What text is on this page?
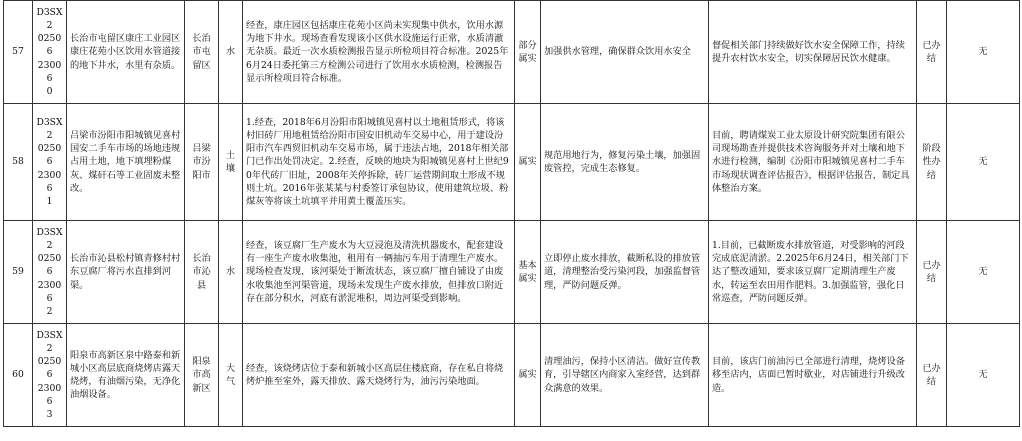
57	D3SX2
02506
23006
0	长治市屯留区康庄工业园区康庄花苑小区饮用水管道接的地下井水，水里有杂质。	长治市屯留区	水	经查，康庄园区包括康庄花苑小区尚未实现集中供水，饮用水源为地下井水。现场查看发现该小区供水设施运行正常，水质清澈无杂质。最近一次水质检测报告显示所检项目符合标准。2025年6月24日委托第三方检测公司进行了饮用水水质检测，检测报告显示所检项目符合标准。	部分属实	加强供水管理，确保群众饮用水安全	督促相关部门持续做好饮水安全保障工作，持续提升农村饮水安全，切实保障居民饮水健康。	已办结	无
58	D3SX2
02506
23006
1	吕梁市汾阳市阳城镇见喜村国安二手车市场的场地违规占用土地，地下填埋粉煤灰、煤矸石等工业固废未整改。	吕梁市汾阳市	土壤	1.经查，2018年6月汾阳市阳城镇见喜村以土地租赁形式，将该村旧砖厂用地租赁给汾阳市国安旧机动车交易中心，用于建设汾阳市汽车西贸旧机动车交易市场，属于违法占地，2018年相关部门已作出处罚决定。2.经查，反映的地块为阳城镇见喜村上世纪90年代砖厂旧址，2008年关停拆除，砖厂运营期间取土形成不规则土坑。2016年张某某与村委签订承包协议，使用建筑垃圾、粉煤灰等将该土坑填平并用黄土覆盖压实。	属实	规范用地行为，修复污染土壤，加强固废管控，完成生态修复。	目前，聘请煤炭工业太原设计研究院集团有限公司现场勘查并提供技术咨询服务并对土壤和地下水进行检测，编制《汾阳市阳城镇见喜村二手车市场现状调查评估报告》，根据评估报告，制定具体整治方案。	阶段性办结	无
59	D3SX2
02506
23006
2	长治市沁县松村镇青修村村东豆腐厂将污水直排到河渠。	长治市沁县	水	经查，该豆腐厂生产废水为大豆浸泡及清洗机器废水，配套建设有一座生产废水收集池，租用有一辆抽污车用于清理生产废水。现场检查发现，该河渠处于断流状态，该豆腐厂擅自铺设了由废水收集池至河渠管道，现场未发现生产废水排放，但排放口附近存在部分积水，河底有淤泥堆积，周边河渠受到影响。	基本属实	立即停止废水排放，截断私设的排放管道，清理整治受污染河段，加强监督管理，严防问题反弹。	1.目前，已截断废水排放管道，对受影响的河段完成底泥清淤。2.2025年6月24日，相关部门下达了整改通知，要求该豆腐厂定期清理生产废水，转运至农田用作肥料。3.加强监管，强化日常巡查，严防问题反弹。	已办结	无
60	D3SX2
02506
23006
3	阳泉市高新区泉中路泰和新城小区高层底商烧烤店露天烧烤，有油烟污染，无净化油烟设备。	阳泉市高新区	大气	经查，该烧烤店位于泰和新城小区高层住楼底商，存在私自将烧烤炉推至室外，露天排放、露天烧烤行为，油污污染地面。	属实	清理油污，保持小区清洁。做好宣传教育，引导辖区内商家入室经营，达到群众满意的效果。	目前，该店门前油污已全部进行清理，烧烤设备移至店内，店面已暂时歇业，对店铺进行升级改造。	已办结	无
